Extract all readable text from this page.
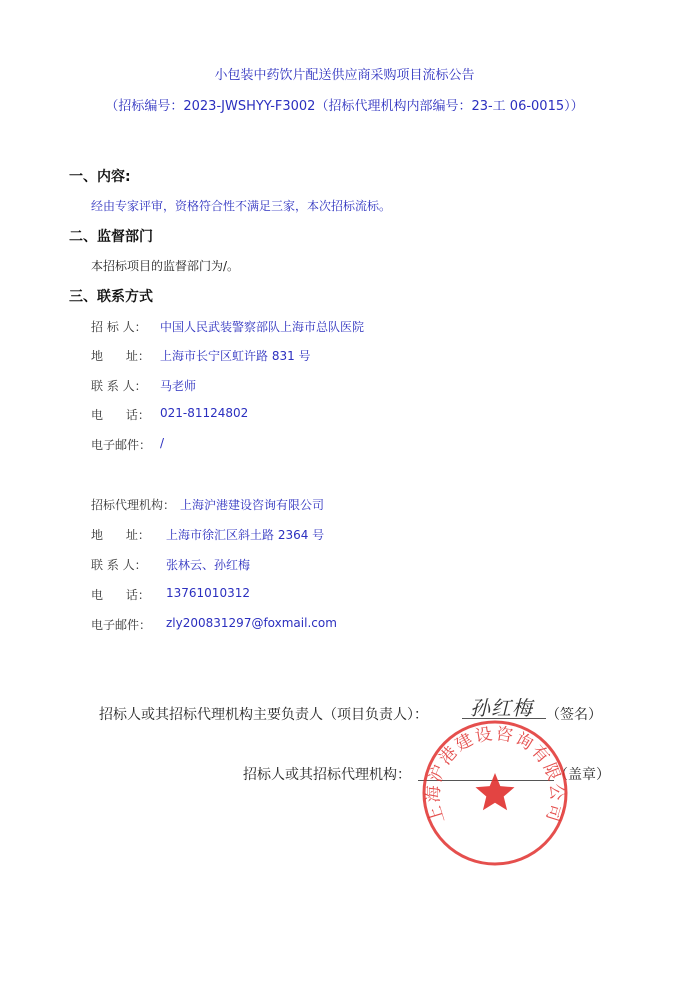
小包装中药饮片配送供应商采购项目流标公告
（招标编号：2023-JWSHYY-F3002（招标代理机构内部编号：23-工 06-0015））
一、内容:
经由专家评审，资格符合性不满足三家，本次招标流标。
二、监督部门
本招标项目的监督部门为/。
三、联系方式
招 标 人： 中国人民武装警察部队上海市总队医院
地      址： 上海市长宁区虹许路 831 号
联 系 人： 马老师
电      话： 021-81124802
电子邮件： /
招标代理机构： 上海沪港建设咨询有限公司
地      址： 上海市徐汇区斜土路 2364 号
联 系 人： 张林云、孙红梅
电      话： 13761010312
电子邮件： zly200831297@foxmail.com
招标人或其招标代理机构主要负责人（项目负责人）： 孙红梅 （签名）
招标人或其招标代理机构：	（盖章）
上海沪港建设咨询有限公司
